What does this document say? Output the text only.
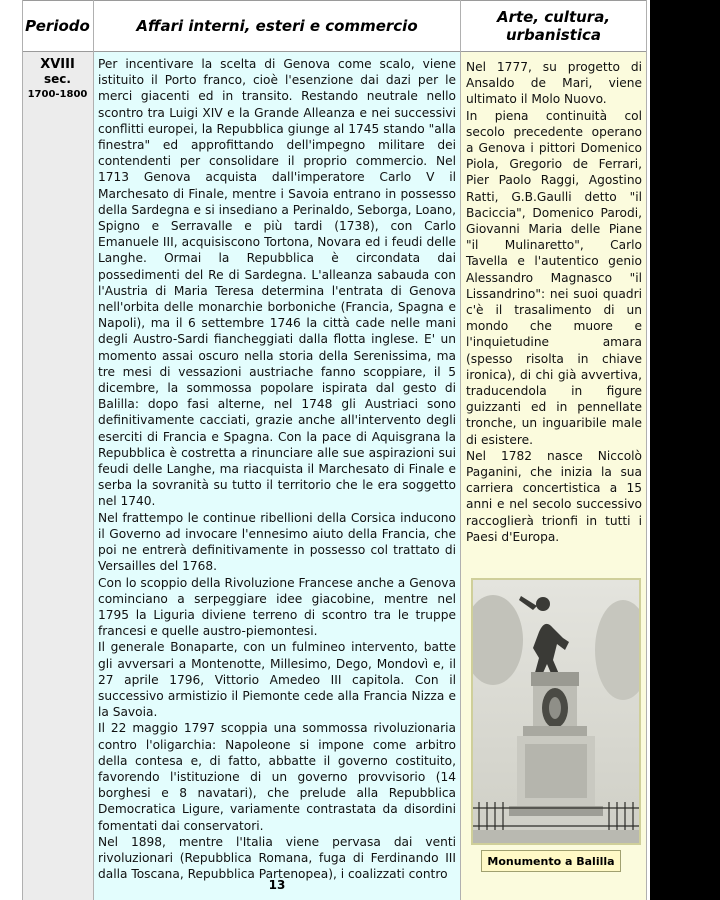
Periodo	Affari interni, esteri e commercio	Arte, cultura,
urbanistica
XVIII
sec.
1700-1800

Per incentivare la scelta di Genova come scalo, viene istituito il Porto franco, cioè l'esenzione dai dazi per le merci giacenti ed in transito. Restando neutrale nello scontro tra Luigi XIV e la Grande Alleanza e nei successivi conflitti europei, la Repubblica giunge al 1745 stando "alla finestra" ed approfittando dell'impegno militare dei contendenti per consolidare il proprio commercio. Nel 1713 Genova acquista dall'imperatore Carlo V il Marchesato di Finale, mentre i Savoia entrano in possesso della Sardegna e si insediano a Perinaldo, Seborga, Loano, Spigno e Serravalle e più tardi (1738), con Carlo Emanuele III, acquisiscono Tortona, Novara ed i feudi delle Langhe. Ormai la Repubblica è circondata dai possedimenti del Re di Sardegna. L'alleanza sabauda con l'Austria di Maria Teresa determina l'entrata di Genova nell'orbita delle monarchie borboniche (Francia, Spagna e Napoli), ma il 6 settembre 1746 la città cade nelle mani degli Austro-Sardi fiancheggiati dalla flotta inglese. E' un momento assai oscuro nella storia della Serenissima, ma tre mesi di vessazioni austriache fanno scoppiare, il 5 dicembre, la sommossa popolare ispirata dal gesto di Balilla: dopo fasi alterne, nel 1748 gli Austriaci sono definitivamente cacciati, grazie anche all'intervento degli eserciti di Francia e Spagna. Con la pace di Aquisgrana la Repubblica è costretta a rinunciare alle sue aspirazioni sui feudi delle Langhe, ma riacquista il Marchesato di Finale e serba la sovranità su tutto il territorio che le era soggetto nel 1740.

Nel frattempo le continue ribellioni della Corsica inducono il Governo ad invocare l'ennesimo aiuto della Francia, che poi ne entrerà definitivamente in possesso col trattato di Versailles del 1768.

Con lo scoppio della Rivoluzione Francese anche a Genova cominciano a serpeggiare idee giacobine, mentre nel 1795 la Liguria diviene terreno di scontro tra le truppe francesi e quelle austro-piemontesi.

Il generale Bonaparte, con un fulmineo intervento, batte gli avversari a Montenotte, Millesimo, Dego, Mondovì e, il 27 aprile 1796, Vittorio Amedeo III capitola. Con il successivo armistizio il Piemonte cede alla Francia Nizza e la Savoia.

Il 22 maggio 1797 scoppia una sommossa rivoluzionaria contro l'oligarchia: Napoleone si impone come arbitro della contesa e, di fatto, abbatte il governo costituito, favorendo l'istituzione di un governo provvisorio (14 borghesi e 8 navatari), che prelude alla Repubblica Democratica Ligure, variamente contrastata da disordini fomentati dai conservatori.

Nel 1898, mentre l'Italia viene pervasa dai venti rivoluzionari (Repubblica Romana, fuga di Ferdinando III dalla Toscana, Repubblica Partenopea), i coalizzati contro

Nel 1777, su progetto di Ansaldo de Mari, viene ultimato il Molo Nuovo.

In piena continuità col secolo precedente operano a Genova i pittori Domenico Piola, Gregorio de Ferrari, Pier Paolo Raggi, Agostino Ratti, G.B.Gaulli detto "il Baciccia", Domenico Parodi, Giovanni Maria delle Piane "il Mulinaretto", Carlo Tavella e l'autentico genio Alessandro Magnasco "il Lissandrino": nei suoi quadri c'è il trasalimento di un mondo che muore e l'inquietudine amara (spesso risolta in chiave ironica), di chi già avvertiva, traducendola in figure guizzanti ed in pennellate tronche, un inguaribile male di esistere.

Nel 1782 nasce Niccolò Paganini, che inizia la sua carriera concertistica a 15 anni e nel secolo successivo raccoglierà trionfi in tutti i Paesi d'Europa.

Monumento a Balilla
13
